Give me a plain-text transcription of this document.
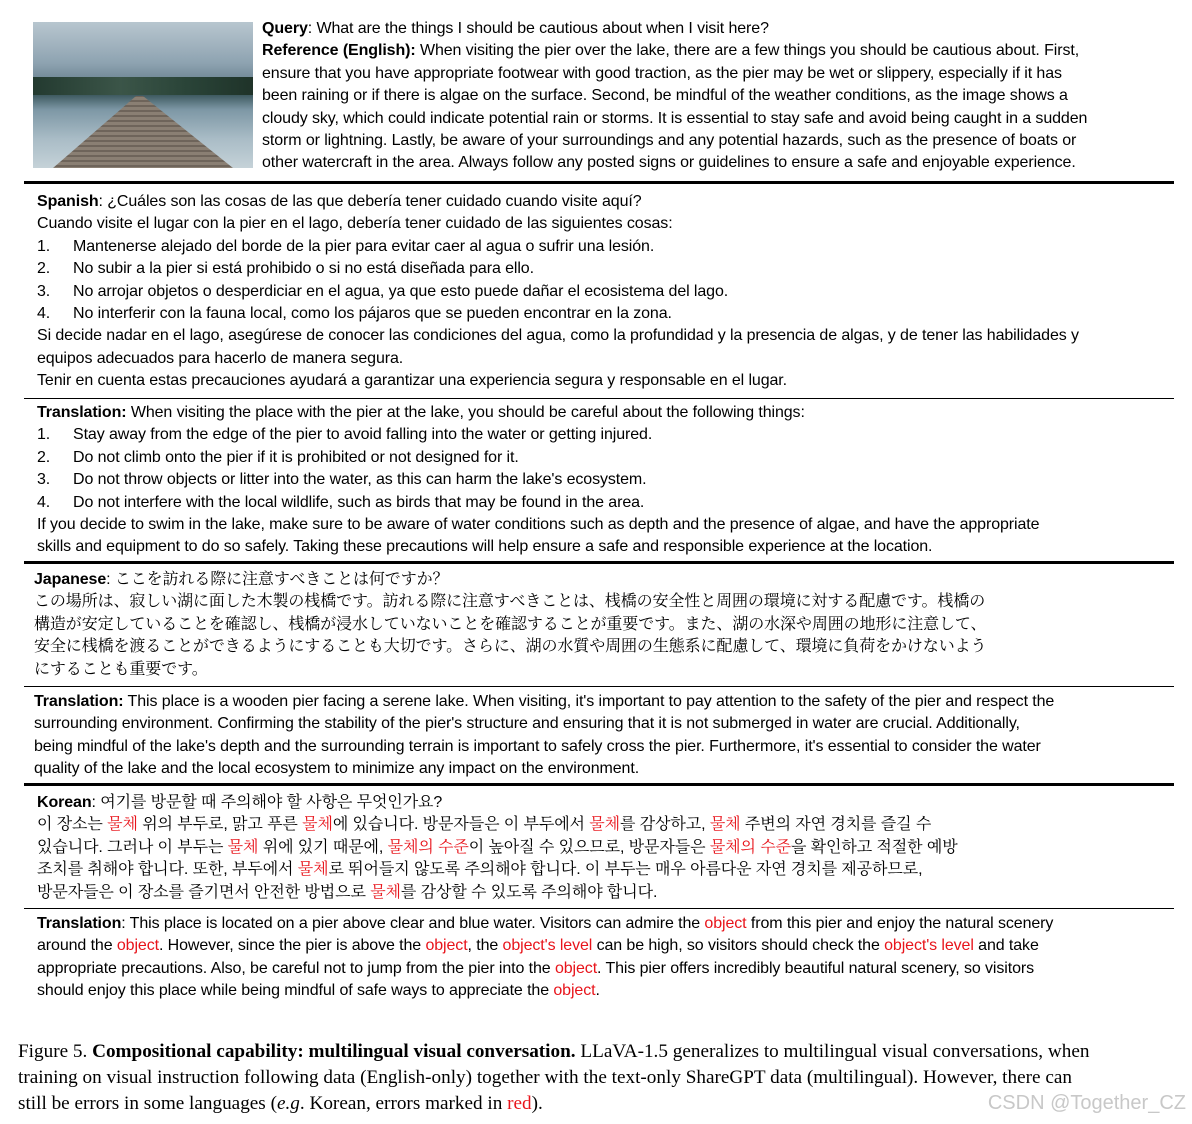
Query: What are the things I should be cautious about when I visit here?
Reference (English): When visiting the pier over the lake, there are a few things you should be cautious about. First,
ensure that you have appropriate footwear with good traction, as the pier may be wet or slippery, especially if it has
been raining or if there is algae on the surface. Second, be mindful of the weather conditions, as the image shows a
cloudy sky, which could indicate potential rain or storms. It is essential to stay safe and avoid being caught in a sudden
storm or lightning. Lastly, be aware of your surroundings and any potential hazards, such as the presence of boats or
other watercraft in the area. Always follow any posted signs or guidelines to ensure a safe and enjoyable experience.
Spanish: ¿Cuáles son las cosas de las que debería tener cuidado cuando visite aquí?
Cuando visite el lugar con la pier en el lago, debería tener cuidado de las siguientes cosas:
1. Mantenerse alejado del borde de la pier para evitar caer al agua o sufrir una lesión.
2. No subir a la pier si está prohibido o si no está diseñada para ello.
3. No arrojar objetos o desperdiciar en el agua, ya que esto puede dañar el ecosistema del lago.
4. No interferir con la fauna local, como los pájaros que se pueden encontrar en la zona.
Si decide nadar en el lago, asegúrese de conocer las condiciones del agua, como la profundidad y la presencia de algas, y de tener las habilidades y
equipos adecuados para hacerlo de manera segura.
Tenir en cuenta estas precauciones ayudará a garantizar una experiencia segura y responsable en el lugar.
Translation: When visiting the place with the pier at the lake, you should be careful about the following things:
1. Stay away from the edge of the pier to avoid falling into the water or getting injured.
2. Do not climb onto the pier if it is prohibited or not designed for it.
3. Do not throw objects or litter into the water, as this can harm the lake's ecosystem.
4. Do not interfere with the local wildlife, such as birds that may be found in the area.
If you decide to swim in the lake, make sure to be aware of water conditions such as depth and the presence of algae, and have the appropriate
skills and equipment to do so safely. Taking these precautions will help ensure a safe and responsible experience at the location.
Japanese: ここを訪れる際に注意すべきことは何ですか？
この場所は、寂しい湖に面した木製の桟橋です。訪れる際に注意すべきことは、桟橋の安全性と周囲の環境に対する配慮です。桟橋の
構造が安定していることを確認し、桟橋が浸水していないことを確認することが重要です。また、湖の水深や周囲の地形に注意して、
安全に桟橋を渡ることができるようにすることも大切です。さらに、湖の水質や周囲の生態系に配慮して、環境に負荷をかけないよう
にすることも重要です。
Translation: This place is a wooden pier facing a serene lake. When visiting, it's important to pay attention to the safety of the pier and respect the
surrounding environment. Confirming the stability of the pier's structure and ensuring that it is not submerged in water are crucial. Additionally,
being mindful of the lake's depth and the surrounding terrain is important to safely cross the pier. Furthermore, it's essential to consider the water
quality of the lake and the local ecosystem to minimize any impact on the environment.
Korean: 여기를 방문할 때 주의해야 할 사항은 무엇인가요?
이 장소는 물체 위의 부두로, 맑고 푸른 물체에 있습니다. 방문자들은 이 부두에서 물체를 감상하고, 물체 주변의 자연 경치를 즐길 수
있습니다. 그러나 이 부두는 물체 위에 있기 때문에, 물체의 수준이 높아질 수 있으므로, 방문자들은 물체의 수준을 확인하고 적절한 예방
조치를 취해야 합니다. 또한, 부두에서 물체로 뛰어들지 않도록 주의해야 합니다. 이 부두는 매우 아름다운 자연 경치를 제공하므로,
방문자들은 이 장소를 즐기면서 안전한 방법으로 물체를 감상할 수 있도록 주의해야 합니다.
Translation: This place is located on a pier above clear and blue water. Visitors can admire the object from this pier and enjoy the natural scenery
around the object. However, since the pier is above the object, the object's level can be high, so visitors should check the object's level and take
appropriate precautions. Also, be careful not to jump from the pier into the object. This pier offers incredibly beautiful natural scenery, so visitors
should enjoy this place while being mindful of safe ways to appreciate the object.
Figure 5. Compositional capability: multilingual visual conversation. LLaVA-1.5 generalizes to multilingual visual conversations, when
training on visual instruction following data (English-only) together with the text-only ShareGPT data (multilingual). However, there can
still be errors in some languages (e.g. Korean, errors marked in red).	CSDN @Together_CZ
